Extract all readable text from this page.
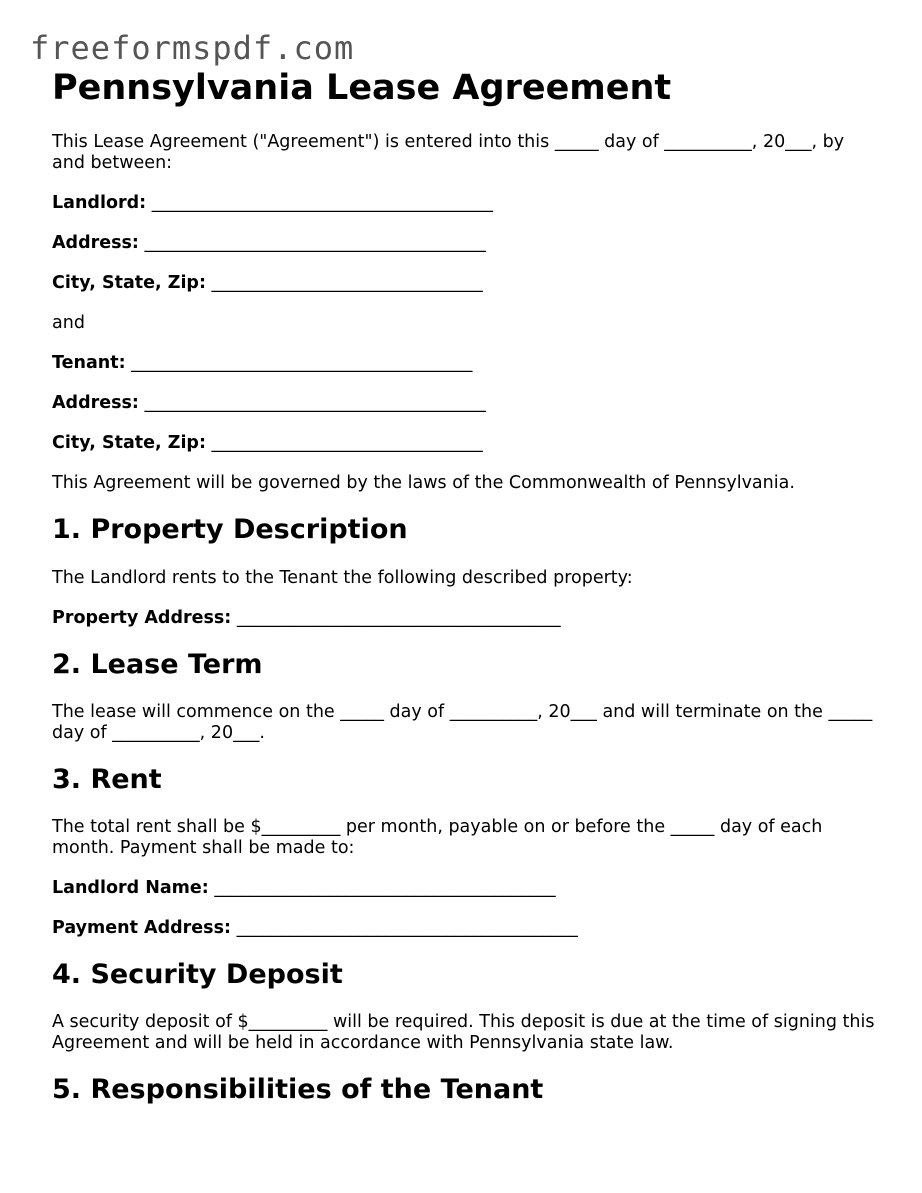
freeformspdf.com
Pennsylvania Lease Agreement

This Lease Agreement ("Agreement") is entered into this _____ day of __________, 20___, by and between:

Landlord: _______________________________________

Address: _______________________________________

City, State, Zip: _______________________________

and

Tenant: _______________________________________

Address: _______________________________________

City, State, Zip: _______________________________

This Agreement will be governed by the laws of the Commonwealth of Pennsylvania.

1. Property Description

The Landlord rents to the Tenant the following described property:

Property Address: _____________________________________

2. Lease Term

The lease will commence on the _____ day of __________, 20___ and will terminate on the _____ day of __________, 20___.

3. Rent

The total rent shall be $_________ per month, payable on or before the _____ day of each month. Payment shall be made to:

Landlord Name: _______________________________________

Payment Address: _______________________________________

4. Security Deposit

A security deposit of $_________ will be required. This deposit is due at the time of signing this Agreement and will be held in accordance with Pennsylvania state law.

5. Responsibilities of the Tenant
